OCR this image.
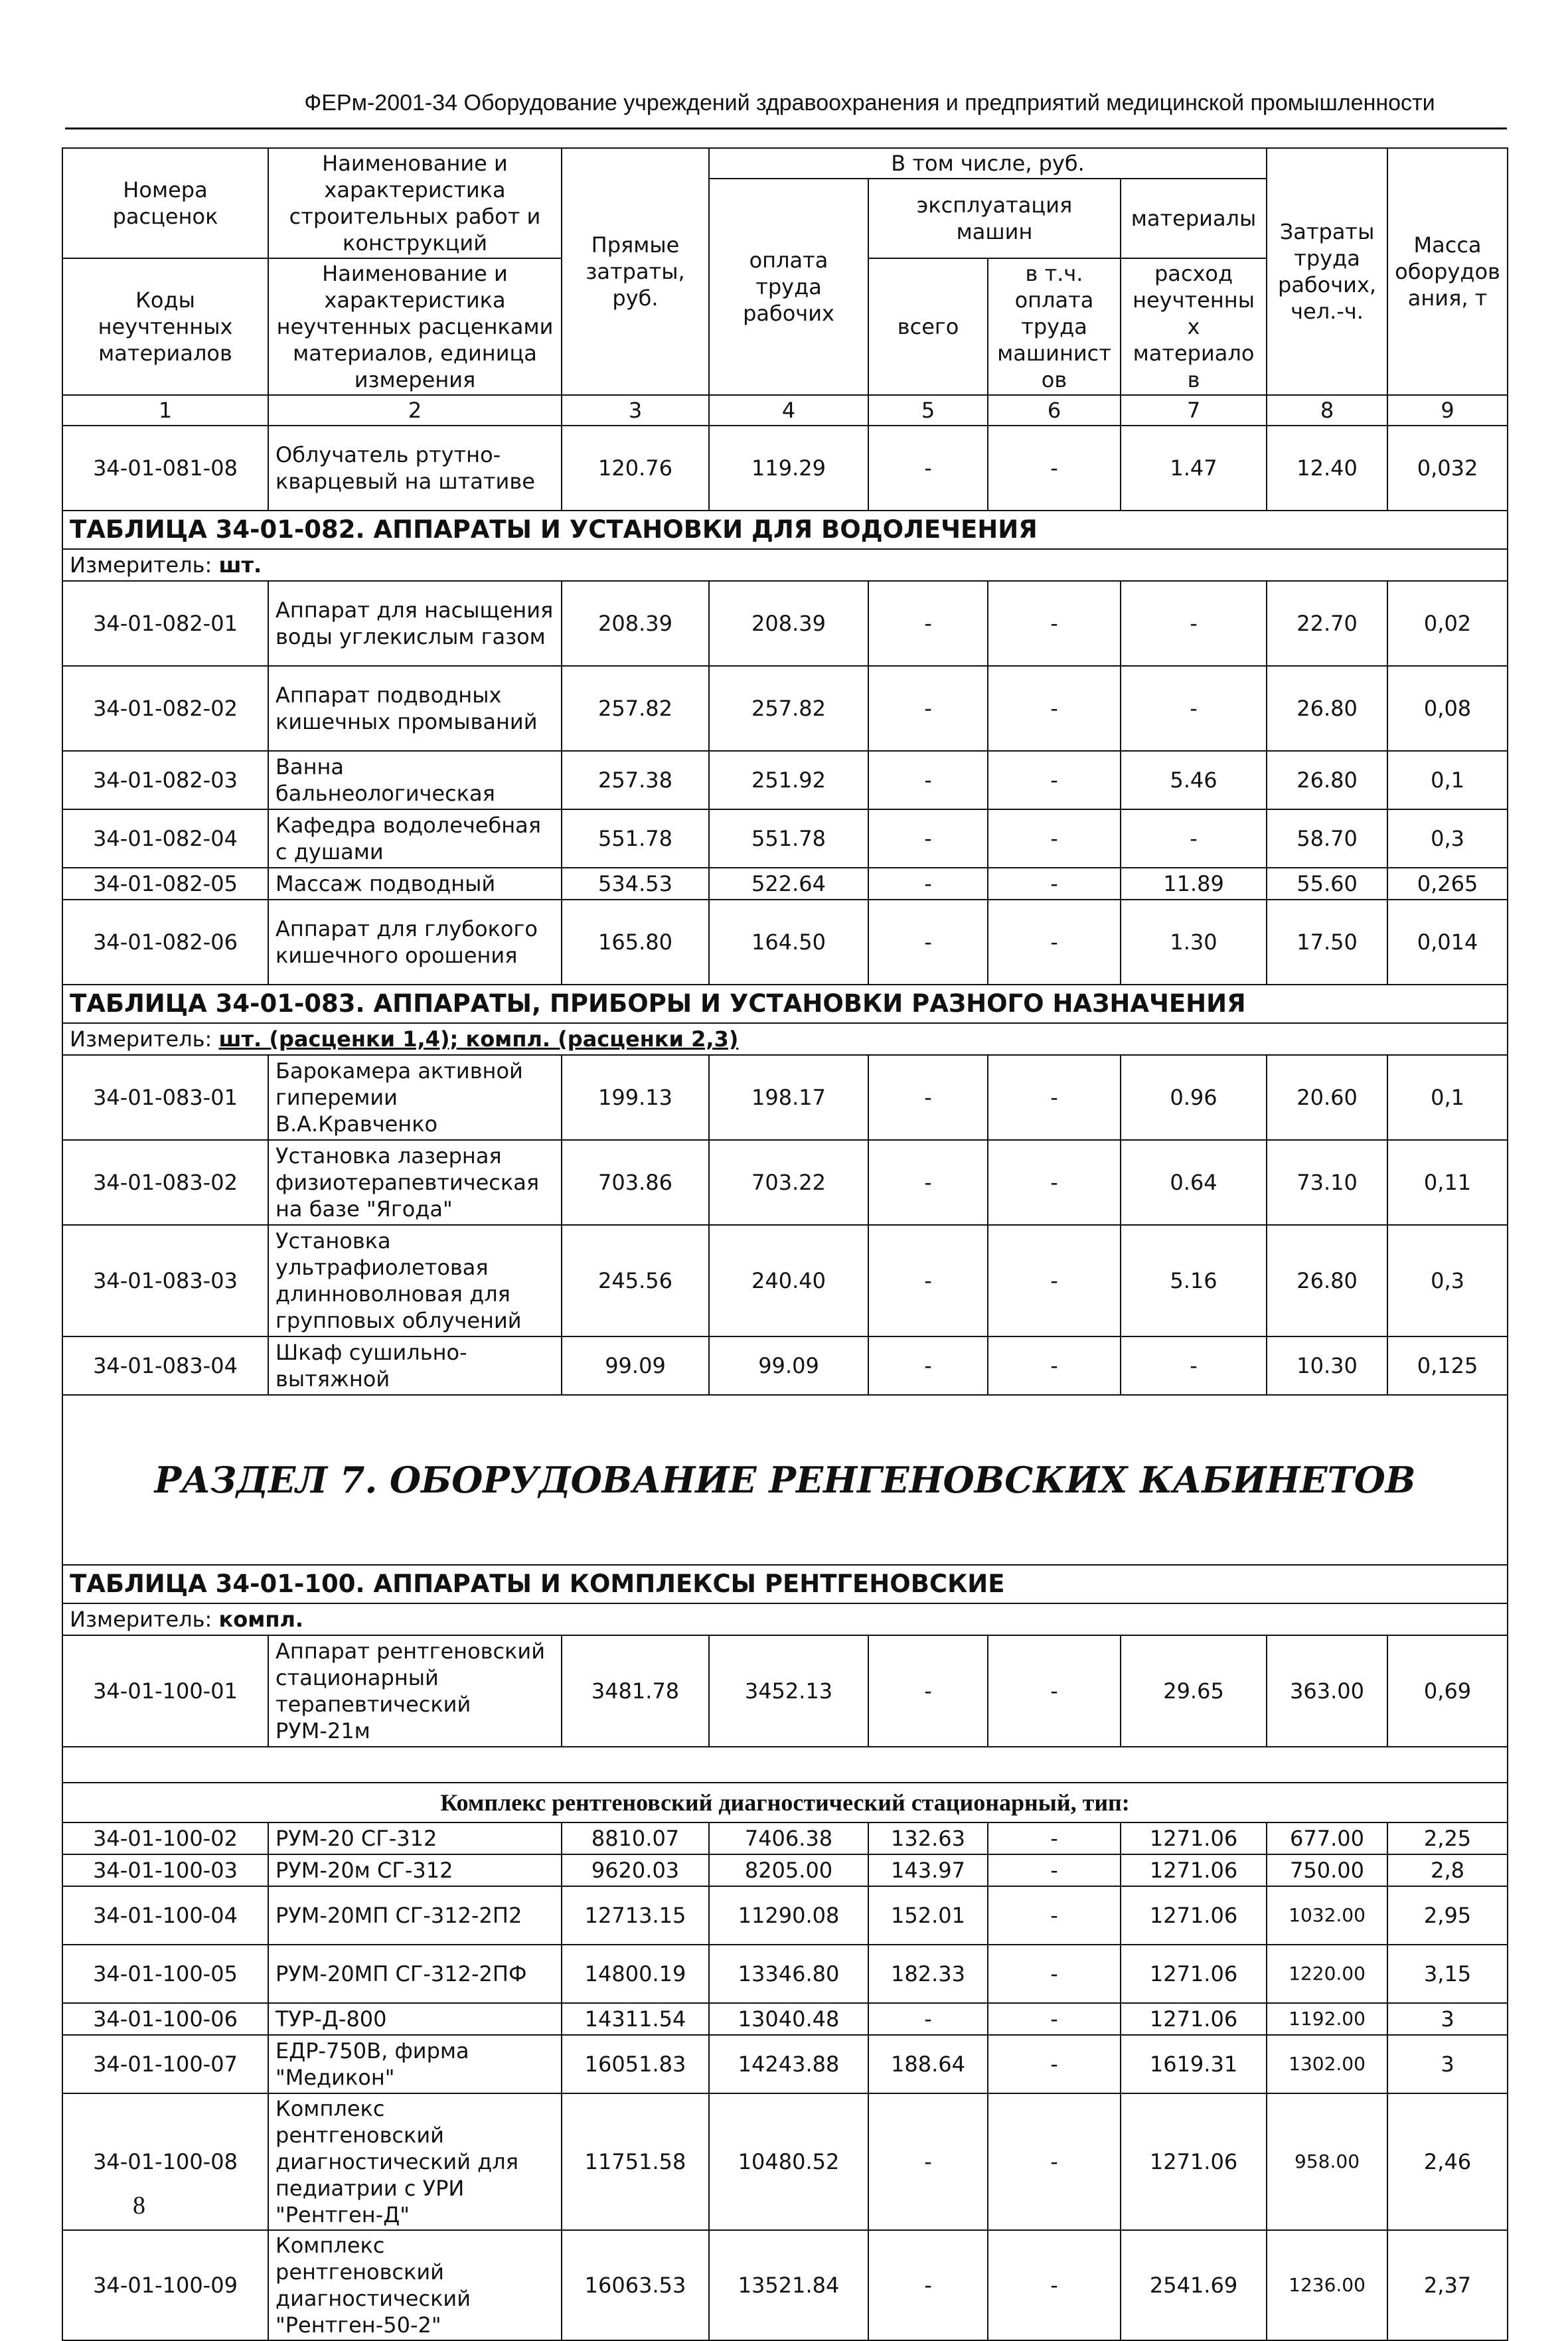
ФЕРм-2001-34 Оборудование учреждений здравоохранения и предприятий медицинской промышленности
Номера расценок	Наименование и характеристика строительных работ и конструкций	Прямые затраты, руб.	В том числе, руб.				Затраты труда рабочих, чел.-ч.	Масса оборудования, т
			оплата труда рабочих	эксплуатация машин		материалы		
Коды неучтенных материалов	Наименование и характеристика неучтенных расценками материалов, единица измерения			всего	в т.ч. оплата труда машинистов	расход неучтенных материалов		

1	2	3	4	5	6	7	8	9
34-01-081-08	Облучатель ртутно-кварцевый на штативе	120.76	119.29	-	-	1.47	12.40	0,032
ТАБЛИЦА 34-01-082. АППАРАТЫ И УСТАНОВКИ ДЛЯ ВОДОЛЕЧЕНИЯ								
Измеритель: шт.								
34-01-082-01	Аппарат для насыщения воды углекислым газом	208.39	208.39	-	-	-	22.70	0,02
34-01-082-02	Аппарат подводных кишечных промываний	257.82	257.82	-	-	-	26.80	0,08
34-01-082-03	Ванна бальнеологическая	257.38	251.92	-	-	5.46	26.80	0,1
34-01-082-04	Кафедра водолечебная с душами	551.78	551.78	-	-	-	58.70	0,3
34-01-082-05	Массаж подводный	534.53	522.64	-	-	11.89	55.60	0,265
34-01-082-06	Аппарат для глубокого кишечного орошения	165.80	164.50	-	-	1.30	17.50	0,014
ТАБЛИЦА 34-01-083. АППАРАТЫ, ПРИБОРЫ И УСТАНОВКИ РАЗНОГО НАЗНАЧЕНИЯ								
Измеритель: шт. (расценки 1,4); компл. (расценки 2,3)								
34-01-083-01	Барокамера активной гиперемии В.А.Кравченко	199.13	198.17	-	-	0.96	20.60	0,1
34-01-083-02	Установка лазерная физиотерапевтическая на базе "Ягода"	703.86	703.22	-	-	0.64	73.10	0,11
34-01-083-03	Установка ультрафиолетовая длинноволновая для групповых облучений	245.56	240.40	-	-	5.16	26.80	0,3
34-01-083-04	Шкаф сушильно-вытяжной	99.09	99.09	-	-	-	10.30	0,125
РАЗДЕЛ 7. ОБОРУДОВАНИЕ РЕНГЕНОВСКИХ КАБИНЕТОВ								
ТАБЛИЦА 34-01-100. АППАРАТЫ И КОМПЛЕКСЫ РЕНТГЕНОВСКИЕ								
Измеритель: компл.								
34-01-100-01	Аппарат рентгеновский стационарный терапевтический РУМ-21м	3481.78	3452.13	-	-	29.65	363.00	0,69

Комплекс рентгеновский диагностический стационарный, тип:								
34-01-100-02	РУМ-20 СГ-312	8810.07	7406.38	132.63	-	1271.06	677.00	2,25
34-01-100-03	РУМ-20м СГ-312	9620.03	8205.00	143.97	-	1271.06	750.00	2,8
34-01-100-04	РУМ-20МП СГ-312-2П2	12713.15	11290.08	152.01	-	1271.06	1032.00	2,95
34-01-100-05	РУМ-20МП СГ-312-2ПФ	14800.19	13346.80	182.33	-	1271.06	1220.00	3,15
34-01-100-06	ТУР-Д-800	14311.54	13040.48	-	-	1271.06	1192.00	3
34-01-100-07	ЕДР-750В, фирма "Медикон"	16051.83	14243.88	188.64	-	1619.31	1302.00	3
34-01-100-08	Комплекс рентгеновский диагностический для педиатрии с УРИ "Рентген-Д"	11751.58	10480.52	-	-	1271.06	958.00	2,46
34-01-100-09	Комплекс рентгеновский диагностический "Рентген-50-2"	16063.53	13521.84	-	-	2541.69	1236.00	2,37
8
